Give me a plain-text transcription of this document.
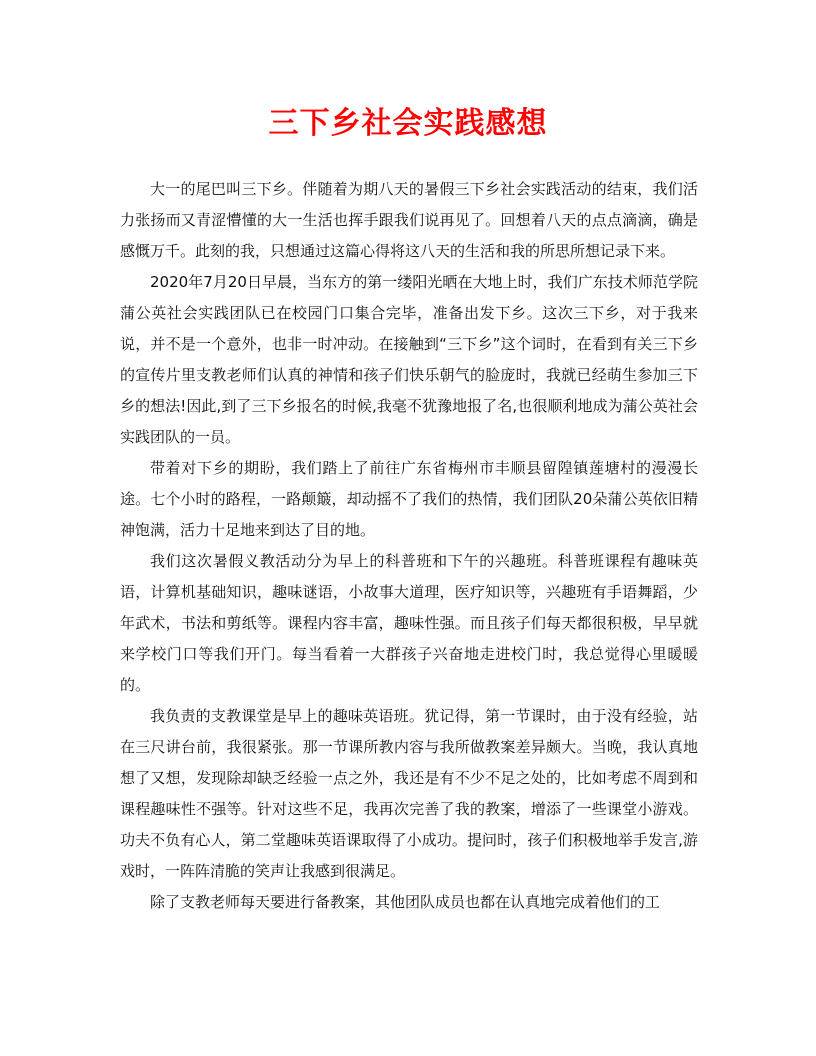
三下乡社会实践感想

大一的尾巴叫三下乡。伴随着为期八天的暑假三下乡社会实践活动的结束，我们活力张扬而又青涩懵懂的大一生活也挥手跟我们说再见了。回想着八天的点点滴滴，确是感慨万千。此刻的我，只想通过这篇心得将这八天的生活和我的所思所想记录下来。

2020年7月20日早晨，当东方的第一缕阳光晒在大地上时，我们广东技术师范学院蒲公英社会实践团队已在校园门口集合完毕，准备出发下乡。这次三下乡，对于我来说，并不是一个意外，也非一时冲动。在接触到“三下乡”这个词时，在看到有关三下乡的宣传片里支教老师们认真的神情和孩子们快乐朝气的脸庞时，我就已经萌生参加三下乡的想法!因此,到了三下乡报名的时候,我毫不犹豫地报了名,也很顺利地成为蒲公英社会实践团队的一员。

带着对下乡的期盼，我们踏上了前往广东省梅州市丰顺县留隍镇莲塘村的漫漫长途。七个小时的路程，一路颠簸，却动摇不了我们的热情，我们团队20朵蒲公英依旧精神饱满，活力十足地来到达了目的地。

我们这次暑假义教活动分为早上的科普班和下午的兴趣班。科普班课程有趣味英语，计算机基础知识，趣味谜语，小故事大道理，医疗知识等，兴趣班有手语舞蹈，少年武术，书法和剪纸等。课程内容丰富，趣味性强。而且孩子们每天都很积极，早早就来学校门口等我们开门。每当看着一大群孩子兴奋地走进校门时，我总觉得心里暖暖的。

我负责的支教课堂是早上的趣味英语班。犹记得，第一节课时，由于没有经验，站在三尺讲台前，我很紧张。那一节课所教内容与我所做教案差异颇大。当晚，我认真地想了又想，发现除却缺乏经验一点之外，我还是有不少不足之处的，比如考虑不周到和课程趣味性不强等。针对这些不足，我再次完善了我的教案，增添了一些课堂小游戏。功夫不负有心人，第二堂趣味英语课取得了小成功。提问时，孩子们积极地举手发言,游戏时，一阵阵清脆的笑声让我感到很满足。

除了支教老师每天要进行备教案，其他团队成员也都在认真地完成着他们的工
